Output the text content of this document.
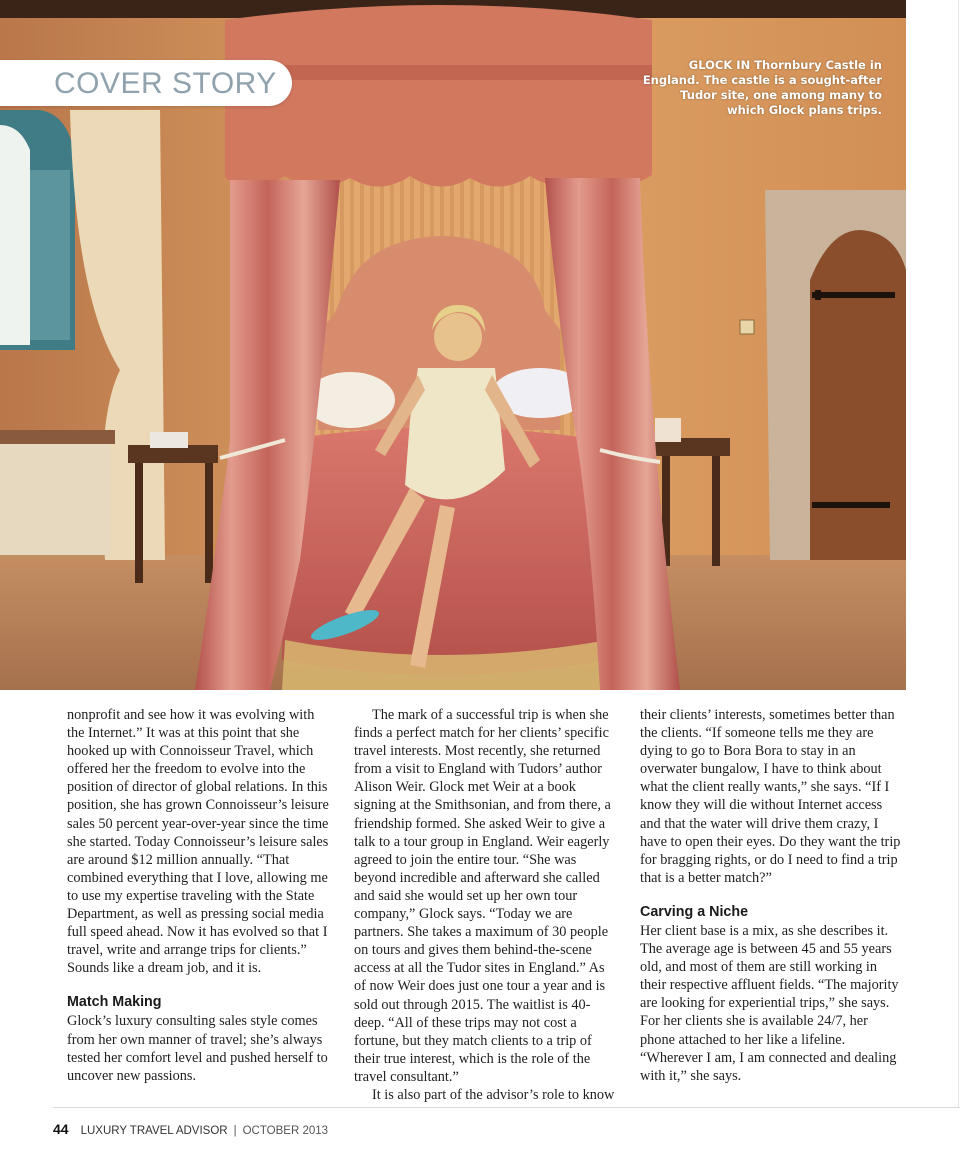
COVER STORY
GLOCK IN Thornbury Castle in England. The castle is a sought-after Tudor site, one among many to which Glock plans trips.

nonprofit and see how it was evolving with the Internet.” It was at this point that she hooked up with Connoisseur Travel, which offered her the freedom to evolve into the position of director of global relations. In this position, she has grown Connoisseur’s leisure sales 50 percent year-over-year since the time she started. Today Connoisseur’s leisure sales are around $12 million annually. “That combined everything that I love, allowing me to use my expertise traveling with the State Department, as well as pressing social media full speed ahead. Now it has evolved so that I travel, write and arrange trips for clients.” Sounds like a dream job, and it is.

Match Making

Glock’s luxury consulting sales style comes from her own manner of travel; she’s always tested her comfort level and pushed herself to uncover new passions.

The mark of a successful trip is when she finds a perfect match for her clients’ specific travel interests. Most recently, she returned from a visit to England with Tudors’ author Alison Weir. Glock met Weir at a book signing at the Smithsonian, and from there, a friendship formed. She asked Weir to give a talk to a tour group in England. Weir eagerly agreed to join the entire tour. “She was beyond incredible and afterward she called and said she would set up her own tour company,” Glock says. “Today we are partners. She takes a maximum of 30 people on tours and gives them behind-the-scene access at all the Tudor sites in England.” As of now Weir does just one tour a year and is sold out through 2015. The waitlist is 40-deep. “All of these trips may not cost a fortune, but they match clients to a trip of their true interest, which is the role of the travel consultant.”

It is also part of the advisor’s role to know

their clients’ interests, sometimes better than the clients. “If someone tells me they are dying to go to Bora Bora to stay in an overwater bungalow, I have to think about what the client really wants,” she says. “If I know they will die without Internet access and that the water will drive them crazy, I have to open their eyes. Do they want the trip for bragging rights, or do I need to find a trip that is a better match?”

Carving a Niche

Her client base is a mix, as she describes it. The average age is between 45 and 55 years old, and most of them are still working in their respective affluent fields. “The majority are looking for experiential trips,” she says. For her clients she is available 24/7, her phone attached to her like a lifeline. “Wherever I am, I am connected and dealing with it,” she says.

44 LUXURY TRAVEL ADVISOR | OCTOBER 2013
